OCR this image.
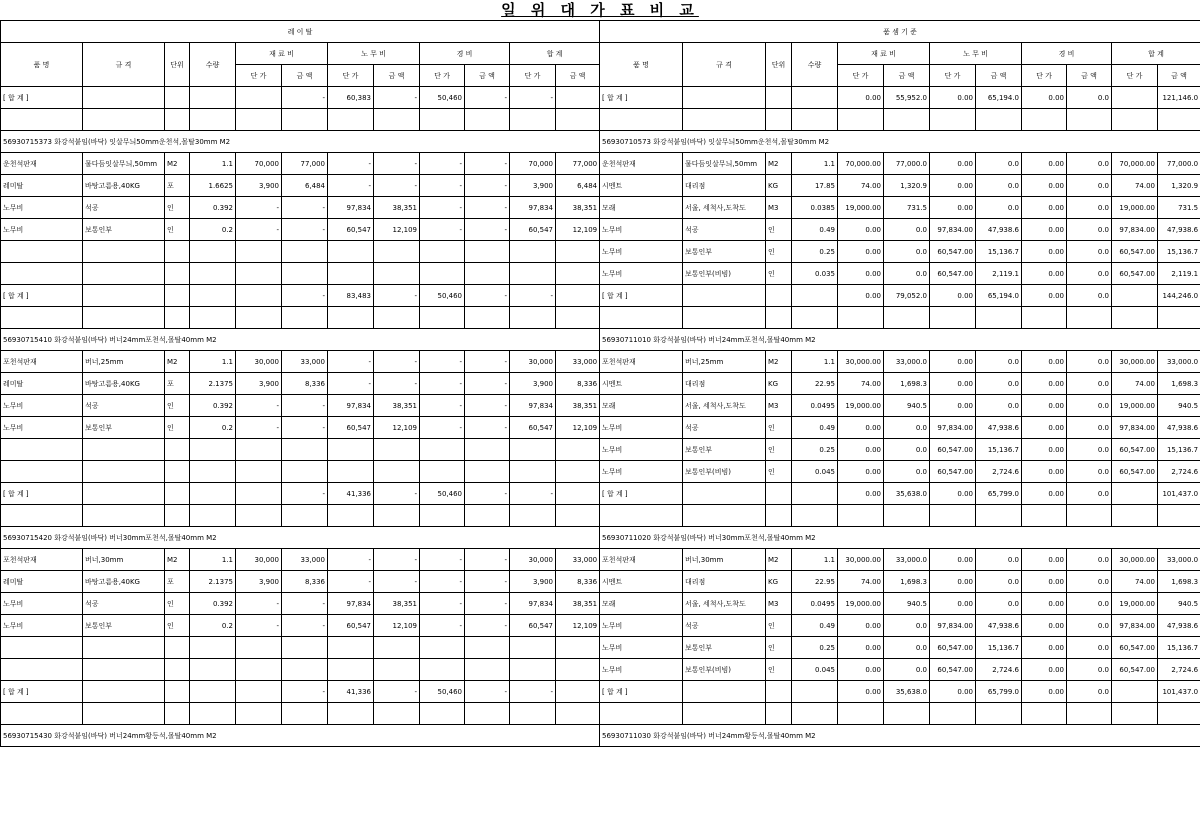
일 위 대 가 표 비 교
레 이 탈											
품 명	규 격	단위	수량	재 료 비		노 무 비		경 비		합 계	
				단 가	금 액	단 가	금 액	단 가	금 액	단 가	금 액
[ 합 계 ]					-	60,383	-	50,460	-	-	

56930715373 화강석붙임(바닥) 잇살무늬50mm운천석,몰탈30mm M2											
운천석판재	물다듬잇살무늬,50mm	M2	1.1	70,000	77,000	-	-	-	-	70,000	77,000
레미탈	바탕고름용,40KG	포	1.6625	3,900	6,484	-	-	-	-	3,900	6,484
노무비	석공	인	0.392	-	-	97,834	38,351	-	-	97,834	38,351
노무비	보통인부	인	0.2	-	-	60,547	12,109	-	-	60,547	12,109

[ 합 계 ]					-	83,483	-	50,460	-	-	

56930715410 화강석붙임(바닥) 버너24mm포천석,몰탈40mm M2											
포천석판재	버너,25mm	M2	1.1	30,000	33,000	-	-	-	-	30,000	33,000
레미탈	바탕고름용,40KG	포	2.1375	3,900	8,336	-	-	-	-	3,900	8,336
노무비	석공	인	0.392	-	-	97,834	38,351	-	-	97,834	38,351
노무비	보통인부	인	0.2	-	-	60,547	12,109	-	-	60,547	12,109

[ 합 계 ]					-	41,336	-	50,460	-	-	

56930715420 화강석붙임(바닥) 버너30mm포천석,몰탈40mm M2											
포천석판재	버너,30mm	M2	1.1	30,000	33,000	-	-	-	-	30,000	33,000
레미탈	바탕고름용,40KG	포	2.1375	3,900	8,336	-	-	-	-	3,900	8,336
노무비	석공	인	0.392	-	-	97,834	38,351	-	-	97,834	38,351
노무비	보통인부	인	0.2	-	-	60,547	12,109	-	-	60,547	12,109

[ 합 계 ]					-	41,336	-	50,460	-	-	

56930715430 화강석붙임(바닥) 버너24mm황등석,몰탈40mm M2											
품 셈 기 준											
품 명	규 격	단위	수량	재 료 비		노 무 비		경 비		합 계	
				단 가	금 액	단 가	금 액	단 가	금 액	단 가	금 액
[ 합 계 ]				0.00	55,952.0	0.00	65,194.0	0.00	0.0		121,146.0

56930710573 화강석붙임(바닥) 잇살무늬50mm운천석,몰탈30mm M2											
운천석판재	물다듬잇살무늬,50mm	M2	1.1	70,000.00	77,000.0	0.00	0.0	0.00	0.0	70,000.00	77,000.0
시멘트	대리점	KG	17.85	74.00	1,320.9	0.00	0.0	0.00	0.0	74.00	1,320.9
모래	서울, 세척사,도착도	M3	0.0385	19,000.00	731.5	0.00	0.0	0.00	0.0	19,000.00	731.5
노무비	석공	인	0.49	0.00	0.0	97,834.00	47,938.6	0.00	0.0	97,834.00	47,938.6
노무비	보통인부	인	0.25	0.00	0.0	60,547.00	15,136.7	0.00	0.0	60,547.00	15,136.7
노무비	보통인부(비빔)	인	0.035	0.00	0.0	60,547.00	2,119.1	0.00	0.0	60,547.00	2,119.1
[ 합 계 ]				0.00	79,052.0	0.00	65,194.0	0.00	0.0		144,246.0

56930711010 화강석붙임(바닥) 버너24mm포천석,몰탈40mm M2											
포천석판재	버너,25mm	M2	1.1	30,000.00	33,000.0	0.00	0.0	0.00	0.0	30,000.00	33,000.0
시멘트	대리점	KG	22.95	74.00	1,698.3	0.00	0.0	0.00	0.0	74.00	1,698.3
모래	서울, 세척사,도착도	M3	0.0495	19,000.00	940.5	0.00	0.0	0.00	0.0	19,000.00	940.5
노무비	석공	인	0.49	0.00	0.0	97,834.00	47,938.6	0.00	0.0	97,834.00	47,938.6
노무비	보통인부	인	0.25	0.00	0.0	60,547.00	15,136.7	0.00	0.0	60,547.00	15,136.7
노무비	보통인부(비빔)	인	0.045	0.00	0.0	60,547.00	2,724.6	0.00	0.0	60,547.00	2,724.6
[ 합 계 ]				0.00	35,638.0	0.00	65,799.0	0.00	0.0		101,437.0

56930711020 화강석붙임(바닥) 버너30mm포천석,몰탈40mm M2											
포천석판재	버너,30mm	M2	1.1	30,000.00	33,000.0	0.00	0.0	0.00	0.0	30,000.00	33,000.0
시멘트	대리점	KG	22.95	74.00	1,698.3	0.00	0.0	0.00	0.0	74.00	1,698.3
모래	서울, 세척사,도착도	M3	0.0495	19,000.00	940.5	0.00	0.0	0.00	0.0	19,000.00	940.5
노무비	석공	인	0.49	0.00	0.0	97,834.00	47,938.6	0.00	0.0	97,834.00	47,938.6
노무비	보통인부	인	0.25	0.00	0.0	60,547.00	15,136.7	0.00	0.0	60,547.00	15,136.7
노무비	보통인부(비빔)	인	0.045	0.00	0.0	60,547.00	2,724.6	0.00	0.0	60,547.00	2,724.6
[ 합 계 ]				0.00	35,638.0	0.00	65,799.0	0.00	0.0		101,437.0

56930711030 화강석붙임(바닥) 버너24mm황등석,몰탈40mm M2											
